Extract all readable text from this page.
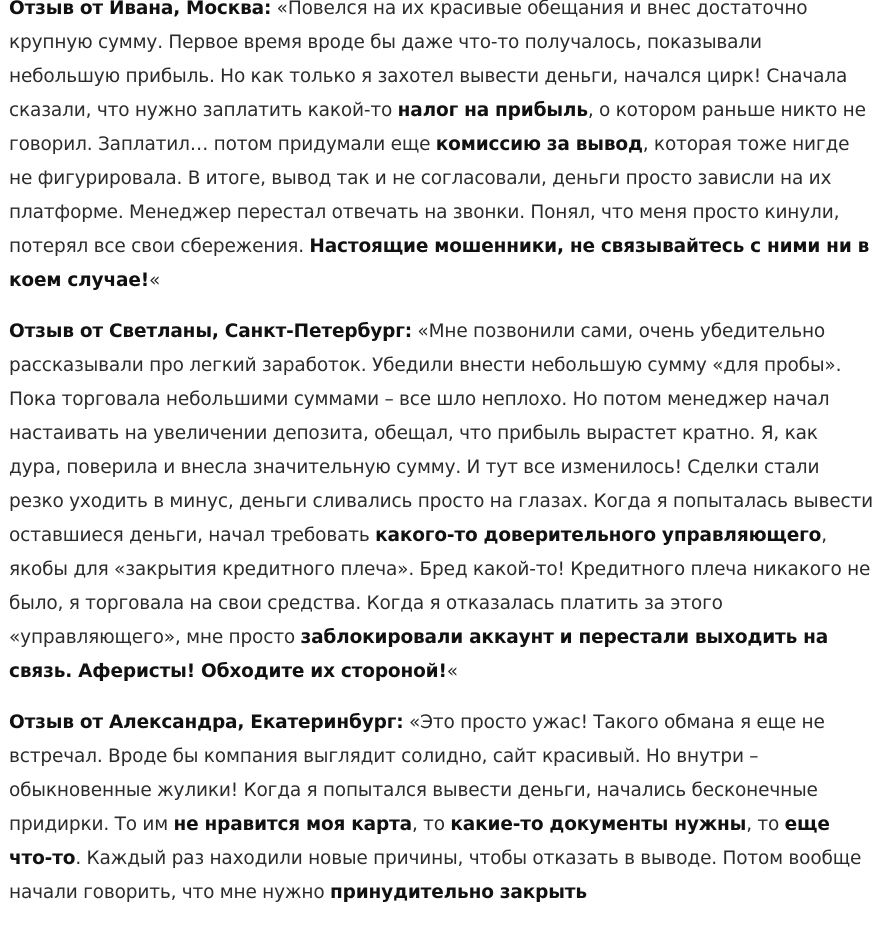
Отзыв от Ивана, Москва: «Повелся на их красивые обещания и внес достаточно крупную сумму. Первое время вроде бы даже что-то получалось, показывали небольшую прибыль. Но как только я захотел вывести деньги, начался цирк! Сначала сказали, что нужно заплатить какой-то налог на прибыль, о котором раньше никто не говорил. Заплатил… потом придумали еще комиссию за вывод, которая тоже нигде не фигурировала. В итоге, вывод так и не согласовали, деньги просто зависли на их платформе. Менеджер перестал отвечать на звонки. Понял, что меня просто кинули, потерял все свои сбережения. Настоящие мошенники, не связывайтесь с ними ни в коем случае!«

Отзыв от Светланы, Санкт-Петербург: «Мне позвонили сами, очень убедительно рассказывали про легкий заработок. Убедили внести небольшую сумму «для пробы». Пока торговала небольшими суммами – все шло неплохо. Но потом менеджер начал настаивать на увеличении депозита, обещал, что прибыль вырастет кратно. Я, как дура, поверила и внесла значительную сумму. И тут все изменилось! Сделки стали резко уходить в минус, деньги сливались просто на глазах. Когда я попыталась вывести оставшиеся деньги, начал требовать какого-то доверительного управляющего, якобы для «закрытия кредитного плеча». Бред какой-то! Кредитного плеча никакого не было, я торговала на свои средства. Когда я отказалась платить за этого «управляющего», мне просто заблокировали аккаунт и перестали выходить на связь. Аферисты! Обходите их стороной!«

Отзыв от Александра, Екатеринбург: «Это просто ужас! Такого обмана я еще не встречал. Вроде бы компания выглядит солидно, сайт красивый. Но внутри – обыкновенные жулики! Когда я попытался вывести деньги, начались бесконечные придирки. То им не нравится моя карта, то какие-то документы нужны, то еще что-то. Каждый раз находили новые причины, чтобы отказать в выводе. Потом вообще начали говорить, что мне нужно принудительно закрыть
